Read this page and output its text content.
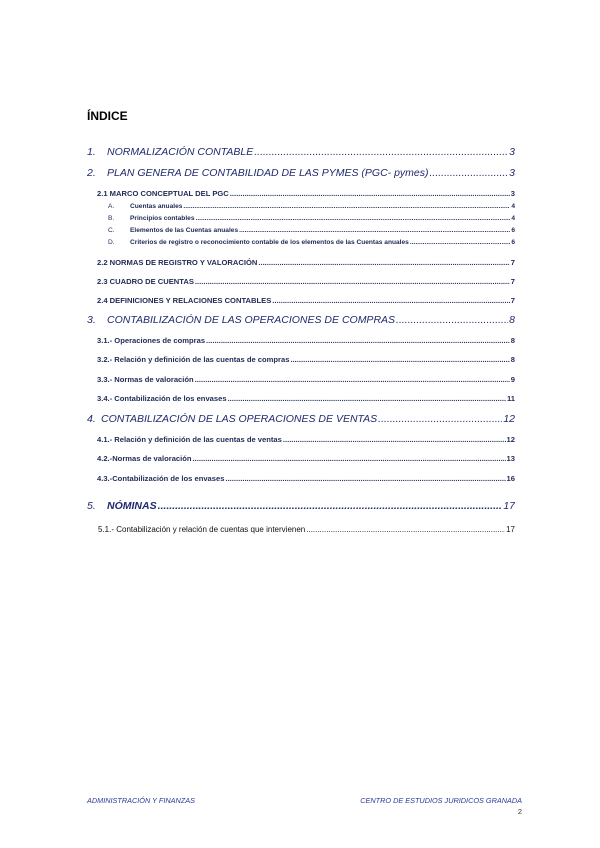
ÍNDICE
1.	NORMALIZACIÓN CONTABLE .....	3
2.	PLAN GENERA DE CONTABILIDAD DE LAS PYMES (PGC- pymes) .....	3
2.1 MARCO CONCEPTUAL DEL PGC .....	3
A.	Cuentas anuales .....	4
B.	Principios contables .....	4
C.	Elementos de las Cuentas anuales .....	6
D.	Criterios de registro o reconocimiento contable de los elementos de las Cuentas anuales .....	6
2.2 NORMAS DE REGISTRO Y VALORACIÓN .....	7
2.3 CUADRO DE CUENTAS .....	7
2.4 DEFINICIONES Y RELACIONES CONTABLES .....	7
3.	CONTABILIZACIÓN DE LAS OPERACIONES DE COMPRAS .....	8
3.1.- Operaciones de compras .....	8
3.2.- Relación y definición de las cuentas de compras .....	8
3.3.- Normas de valoración .....	9
3.4.- Contabilización de los envases .....	11
4. CONTABILIZACIÓN DE LAS OPERACIONES DE VENTAS .....	12
4.1.- Relación y definición de las cuentas de ventas .....	12
4.2.-Normas de valoración .....	13
4.3.-Contabilización de los envases .....	16
5.	NÓMINAS .....	17
5.1.- Contabilización y relación de cuentas que intervienen .....	17
ADMINISTRACIÓN Y FINANZAS	CENTRO DE ESTUDIOS JURIDICOS GRANADA
2
